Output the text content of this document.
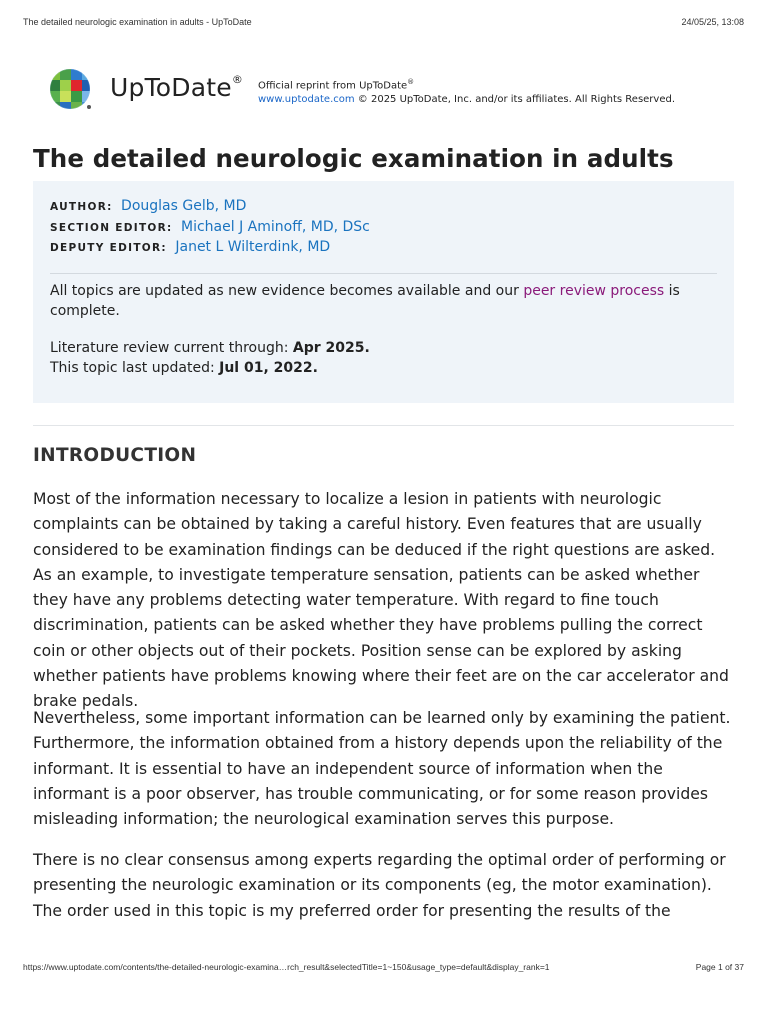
The detailed neurologic examination in adults - UpToDate	24/05/25, 13:08
UpToDate®
Official reprint from UpToDate®
www.uptodate.com © 2025 UpToDate, Inc. and/or its affiliates. All Rights Reserved.
The detailed neurologic examination in adults
AUTHOR: Douglas Gelb, MD
SECTION EDITOR: Michael J Aminoff, MD, DSc
DEPUTY EDITOR: Janet L Wilterdink, MD
All topics are updated as new evidence becomes available and our peer review process is complete.
Literature review current through: Apr 2025.
This topic last updated: Jul 01, 2022.
INTRODUCTION

Most of the information necessary to localize a lesion in patients with neurologic complaints can be obtained by taking a careful history. Even features that are usually considered to be examination findings can be deduced if the right questions are asked. As an example, to investigate temperature sensation, patients can be asked whether they have any problems detecting water temperature. With regard to fine touch discrimination, patients can be asked whether they have problems pulling the correct coin or other objects out of their pockets. Position sense can be explored by asking whether patients have problems knowing where their feet are on the car accelerator and brake pedals.

Nevertheless, some important information can be learned only by examining the patient. Furthermore, the information obtained from a history depends upon the reliability of the informant. It is essential to have an independent source of information when the informant is a poor observer, has trouble communicating, or for some reason provides misleading information; the neurological examination serves this purpose.

There is no clear consensus among experts regarding the optimal order of performing or presenting the neurologic examination or its components (eg, the motor examination). The order used in this topic is my preferred order for presenting the results of the

https://www.uptodate.com/contents/the-detailed-neurologic-examina…rch_result&selectedTitle=1~150&usage_type=default&display_rank=1	Page 1 of 37
